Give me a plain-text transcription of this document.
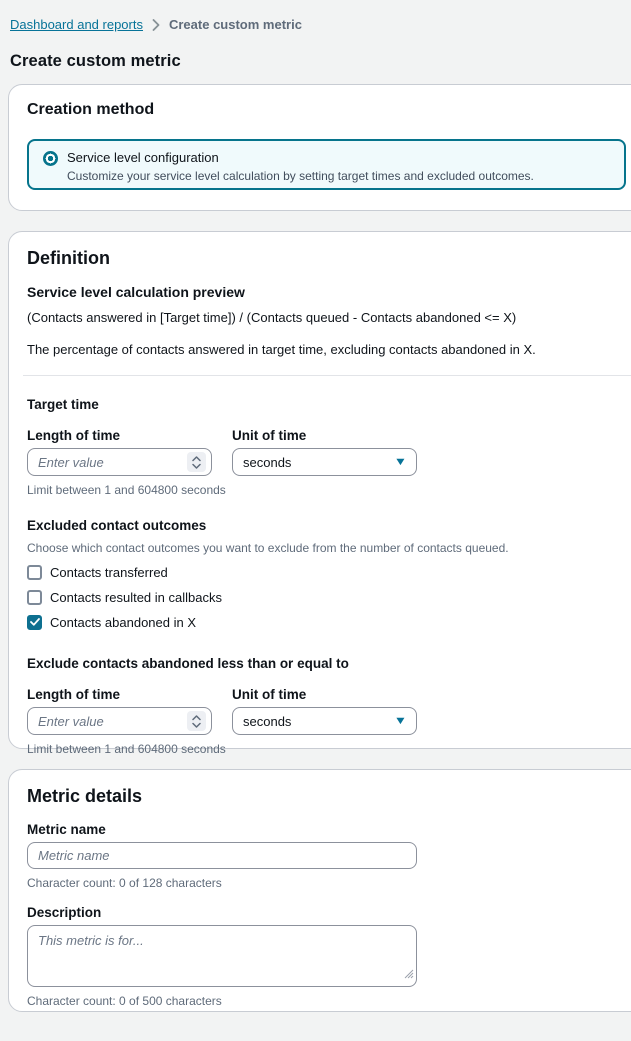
Dashboard and reports Create custom metric
Create custom metric
Creation method
Service level configuration
Customize your service level calculation by setting target times and excluded outcomes.
Definition
Service level calculation preview
(Contacts answered in [Target time]) / (Contacts queued - Contacts abandoned <= X)
The percentage of contacts answered in target time, excluding contacts abandoned in X.
Target time
Length of time	Unit of time
Enter value
seconds	▼
Limit between 1 and 604800 seconds
Excluded contact outcomes
Choose which contact outcomes you want to exclude from the number of contacts queued.
Contacts transferred
Contacts resulted in callbacks
Contacts abandoned in X
Exclude contacts abandoned less than or equal to
Length of time	Unit of time
Enter value
seconds	▼
Limit between 1 and 604800 seconds
Metric details
Metric name
Metric name
Character count: 0 of 128 characters
Description
This metric is for...
Character count: 0 of 500 characters
